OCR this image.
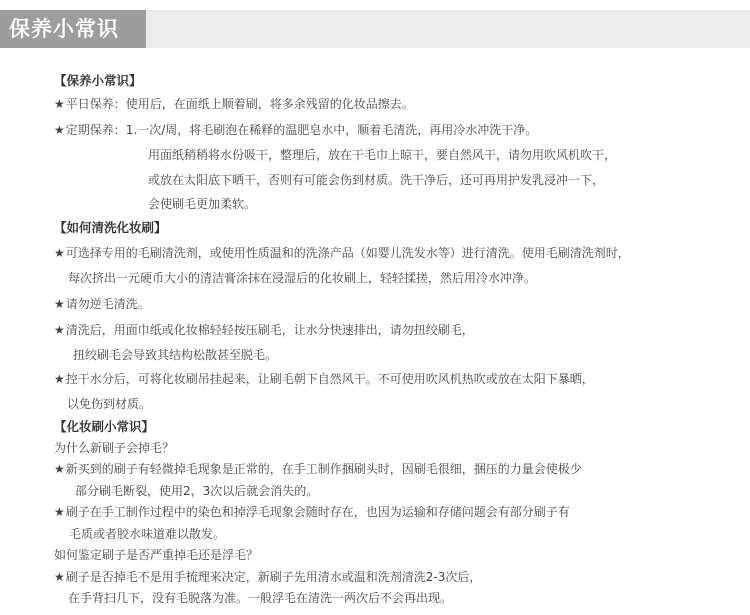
保养小常识
【保养小常识】
★平日保养：使用后，在面纸上顺着刷，将多余残留的化妆品擦去。
★定期保养：1.一次/周，将毛刷泡在稀释的温肥皂水中，顺着毛清洗，再用冷水冲洗干净。
用面纸稍稍将水份吸干，整理后，放在干毛巾上晾干，要自然风干，请勿用吹风机吹干，
或放在太阳底下晒干，否则有可能会伤到材质。洗干净后，还可再用护发乳浸冲一下，
会使刷毛更加柔软。
【如何清洗化妆刷】
★可选择专用的毛刷清洗剂，或使用性质温和的洗涤产品（如婴儿洗发水等）进行清洗。使用毛刷清洗剂时，
每次挤出一元硬币大小的清洁膏涂抹在浸湿后的化妆刷上，轻轻揉搓，然后用冷水冲净。
★请勿逆毛清洗。
★清洗后，用面巾纸或化妆棉轻轻按压刷毛，让水分快速排出，请勿扭绞刷毛，
扭绞刷毛会导致其结构松散甚至脱毛。
★控干水分后，可将化妆刷吊挂起来，让刷毛朝下自然风干。不可使用吹风机热吹或放在太阳下暴晒，
以免伤到材质。
【化妆刷小常识】
为什么新刷子会掉毛？
★新买到的刷子有轻微掉毛现象是正常的，在手工制作捆刷头时，因刷毛很细，捆压的力量会使极少
部分刷毛断裂，使用2，3次以后就会消失的。
★刷子在手工制作过程中的染色和掉浮毛现象会随时存在，也因为运输和存储问题会有部分刷子有
毛质或者胶水味道难以散发。
如何鉴定刷子是否严重掉毛还是浮毛？
★刷子是否掉毛不是用手梳理来决定，新刷子先用清水或温和洗剂清洗2-3次后，
在手背扫几下，没有毛脱落为准。一般浮毛在清洗一两次后不会再出现。
